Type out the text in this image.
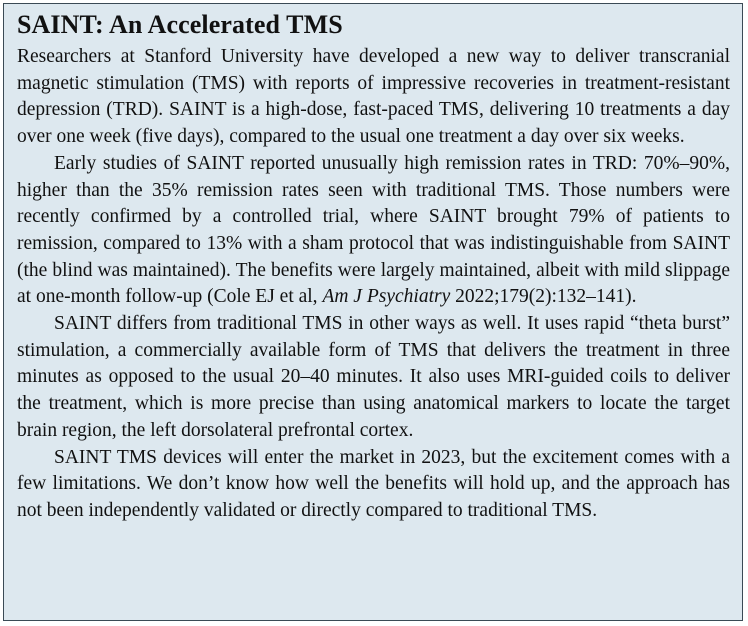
SAINT: An Accelerated TMS

Researchers at Stanford University have developed a new way to deliver transcranial magnetic stimulation (TMS) with reports of impressive recoveries in treatment-resistant depression (TRD). SAINT is a high-dose, fast-paced TMS, delivering 10 treatments a day over one week (five days), compared to the usual one treatment a day over six weeks.

Early studies of SAINT reported unusually high remission rates in TRD: 70%–90%, higher than the 35% remission rates seen with traditional TMS. Those numbers were recently confirmed by a controlled trial, where SAINT brought 79% of patients to remission, compared to 13% with a sham protocol that was indistinguishable from SAINT (the blind was maintained). The benefits were largely maintained, albeit with mild slippage at one-month follow-up (Cole EJ et al, Am J Psychiatry 2022;179(2):132–141).

SAINT differs from traditional TMS in other ways as well. It uses rapid “theta burst” stimulation, a commercially available form of TMS that delivers the treatment in three minutes as opposed to the usual 20–40 minutes. It also uses MRI-guided coils to deliver the treatment, which is more precise than using anatomical markers to locate the target brain region, the left dorsolateral prefrontal cortex.

SAINT TMS devices will enter the market in 2023, but the excitement comes with a few limitations. We don’t know how well the benefits will hold up, and the approach has not been independently validated or directly compared to traditional TMS.
